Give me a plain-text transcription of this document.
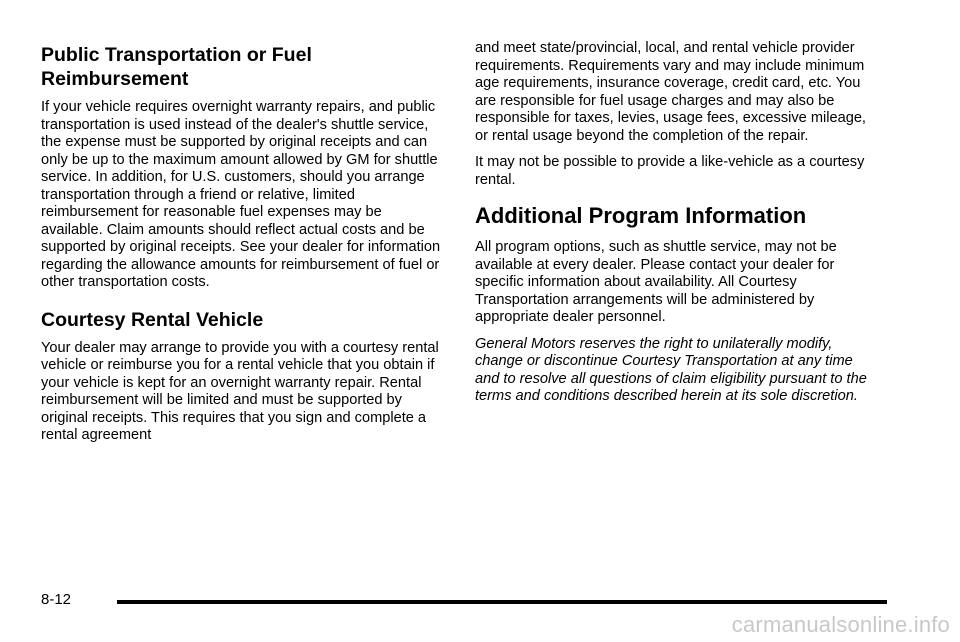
Public Transportation or Fuel Reimbursement

If your vehicle requires overnight warranty repairs, and public transportation is used instead of the dealer's shuttle service, the expense must be supported by original receipts and can only be up to the maximum amount allowed by GM for shuttle service. In addition, for U.S. customers, should you arrange transportation through a friend or relative, limited reimbursement for reasonable fuel expenses may be available. Claim amounts should reflect actual costs and be supported by original receipts. See your dealer for information regarding the allowance amounts for reimbursement of fuel or other transportation costs.

Courtesy Rental Vehicle

Your dealer may arrange to provide you with a courtesy rental vehicle or reimburse you for a rental vehicle that you obtain if your vehicle is kept for an overnight warranty repair. Rental reimbursement will be limited and must be supported by original receipts. This requires that you sign and complete a rental agreement

and meet state/provincial, local, and rental vehicle provider requirements. Requirements vary and may include minimum age requirements, insurance coverage, credit card, etc. You are responsible for fuel usage charges and may also be responsible for taxes, levies, usage fees, excessive mileage, or rental usage beyond the completion of the repair.

It may not be possible to provide a like-vehicle as a courtesy rental.

Additional Program Information

All program options, such as shuttle service, may not be available at every dealer. Please contact your dealer for specific information about availability. All Courtesy Transportation arrangements will be administered by appropriate dealer personnel.

General Motors reserves the right to unilaterally modify, change or discontinue Courtesy Transportation at any time and to resolve all questions of claim eligibility pursuant to the terms and conditions described herein at its sole discretion.

8-12
carmanualsonline.info
